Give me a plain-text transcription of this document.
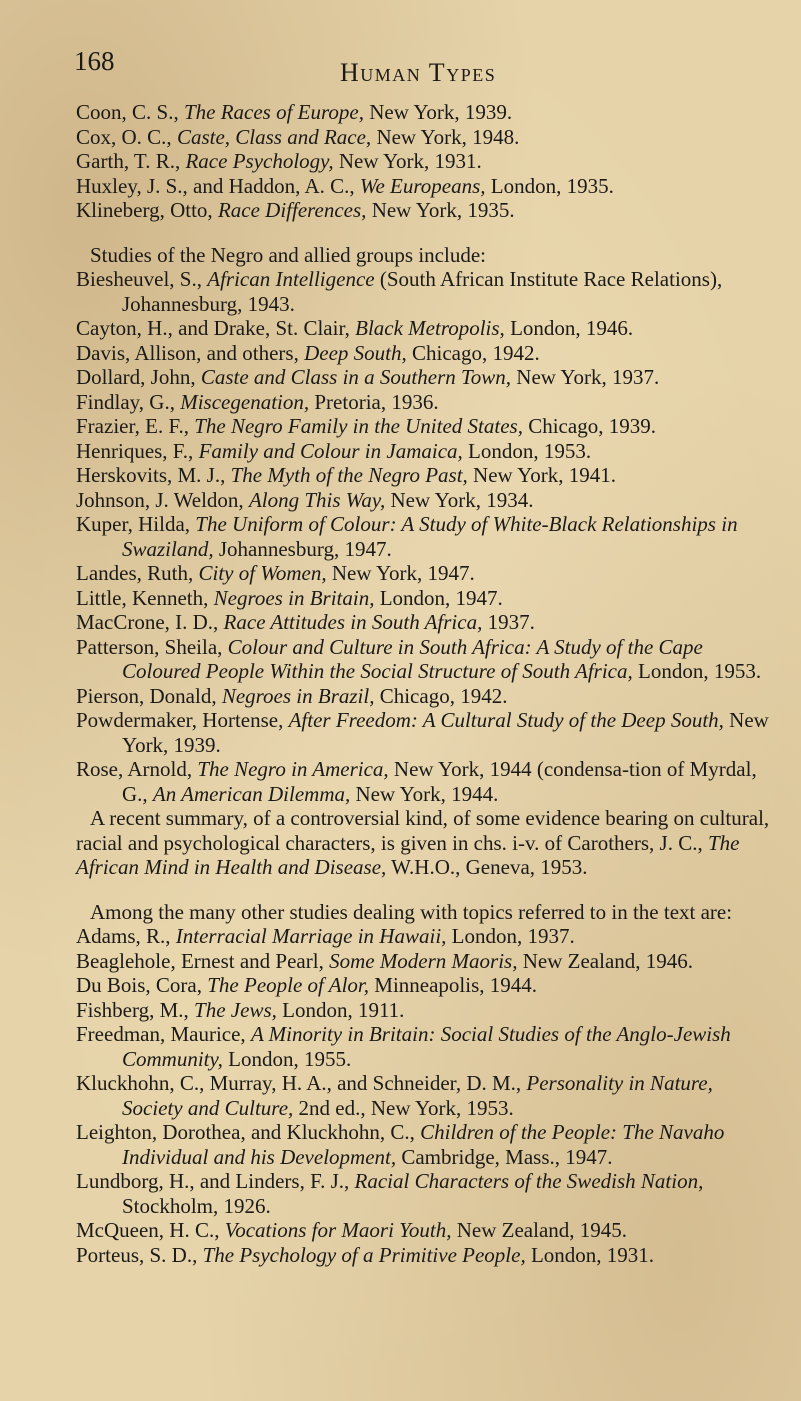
168	Human Types
Coon, C. S., The Races of Europe, New York, 1939.
Cox, O. C., Caste, Class and Race, New York, 1948.
Garth, T. R., Race Psychology, New York, 1931.
Huxley, J. S., and Haddon, A. C., We Europeans, London, 1935.
Klineberg, Otto, Race Differences, New York, 1935.
Studies of the Negro and allied groups include:
Biesheuvel, S., African Intelligence (South African Institute Race Relations), Johannesburg, 1943.
Cayton, H., and Drake, St. Clair, Black Metropolis, London, 1946.
Davis, Allison, and others, Deep South, Chicago, 1942.
Dollard, John, Caste and Class in a Southern Town, New York, 1937.
Findlay, G., Miscegenation, Pretoria, 1936.
Frazier, E. F., The Negro Family in the United States, Chicago, 1939.
Henriques, F., Family and Colour in Jamaica, London, 1953.
Herskovits, M. J., The Myth of the Negro Past, New York, 1941.
Johnson, J. Weldon, Along This Way, New York, 1934.
Kuper, Hilda, The Uniform of Colour: A Study of White-Black Relationships in Swaziland, Johannesburg, 1947.
Landes, Ruth, City of Women, New York, 1947.
Little, Kenneth, Negroes in Britain, London, 1947.
MacCrone, I. D., Race Attitudes in South Africa, 1937.
Patterson, Sheila, Colour and Culture in South Africa: A Study of the Cape Coloured People Within the Social Structure of South Africa, London, 1953.
Pierson, Donald, Negroes in Brazil, Chicago, 1942.
Powdermaker, Hortense, After Freedom: A Cultural Study of the Deep South, New York, 1939.
Rose, Arnold, The Negro in America, New York, 1944 (condensa-tion of Myrdal, G., An American Dilemma, New York, 1944.
A recent summary, of a controversial kind, of some evidence bearing on cultural, racial and psychological characters, is given in chs. i-v. of Carothers, J. C., The African Mind in Health and Disease, W.H.O., Geneva, 1953.
Among the many other studies dealing with topics referred to in the text are:
Adams, R., Interracial Marriage in Hawaii, London, 1937.
Beaglehole, Ernest and Pearl, Some Modern Maoris, New Zealand, 1946.
Du Bois, Cora, The People of Alor, Minneapolis, 1944.
Fishberg, M., The Jews, London, 1911.
Freedman, Maurice, A Minority in Britain: Social Studies of the Anglo-Jewish Community, London, 1955.
Kluckhohn, C., Murray, H. A., and Schneider, D. M., Personality in Nature, Society and Culture, 2nd ed., New York, 1953.
Leighton, Dorothea, and Kluckhohn, C., Children of the People: The Navaho Individual and his Development, Cambridge, Mass., 1947.
Lundborg, H., and Linders, F. J., Racial Characters of the Swedish Nation, Stockholm, 1926.
McQueen, H. C., Vocations for Maori Youth, New Zealand, 1945.
Porteus, S. D., The Psychology of a Primitive People, London, 1931.
